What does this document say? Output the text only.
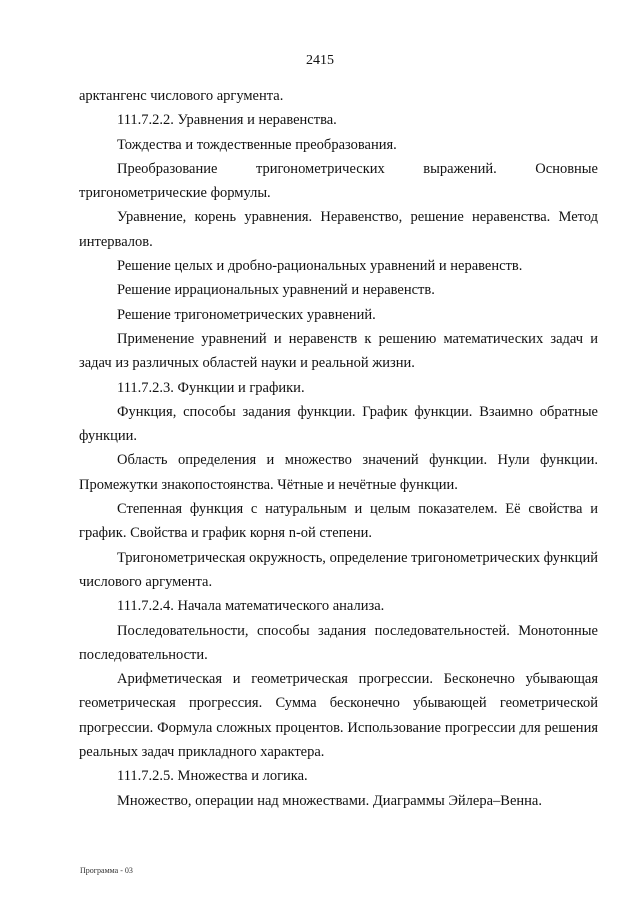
2415

арктангенс числового аргумента.

111.7.2.2. Уравнения и неравенства.

Тождества и тождественные преобразования.

Преобразование тригонометрических выражений. Основные тригонометрические формулы.

Уравнение, корень уравнения. Неравенство, решение неравенства. Метод интервалов.

Решение целых и дробно-рациональных уравнений и неравенств.

Решение иррациональных уравнений и неравенств.

Решение тригонометрических уравнений.

Применение уравнений и неравенств к решению математических задач и задач из различных областей науки и реальной жизни.

111.7.2.3. Функции и графики.

Функция, способы задания функции. График функции. Взаимно обратные функции.

Область определения и множество значений функции. Нули функции. Промежутки знакопостоянства. Чётные и нечётные функции.

Степенная функция с натуральным и целым показателем. Её свойства и график. Свойства и график корня n-ой степени.

Тригонометрическая окружность, определение тригонометрических функций числового аргумента.

111.7.2.4. Начала математического анализа.

Последовательности, способы задания последовательностей. Монотонные последовательности.

Арифметическая и геометрическая прогрессии. Бесконечно убывающая геометрическая прогрессия. Сумма бесконечно убывающей геометрической прогрессии. Формула сложных процентов. Использование прогрессии для решения реальных задач прикладного характера.

111.7.2.5. Множества и логика.

Множество, операции над множествами. Диаграммы Эйлера–Венна.

Программа - 03
